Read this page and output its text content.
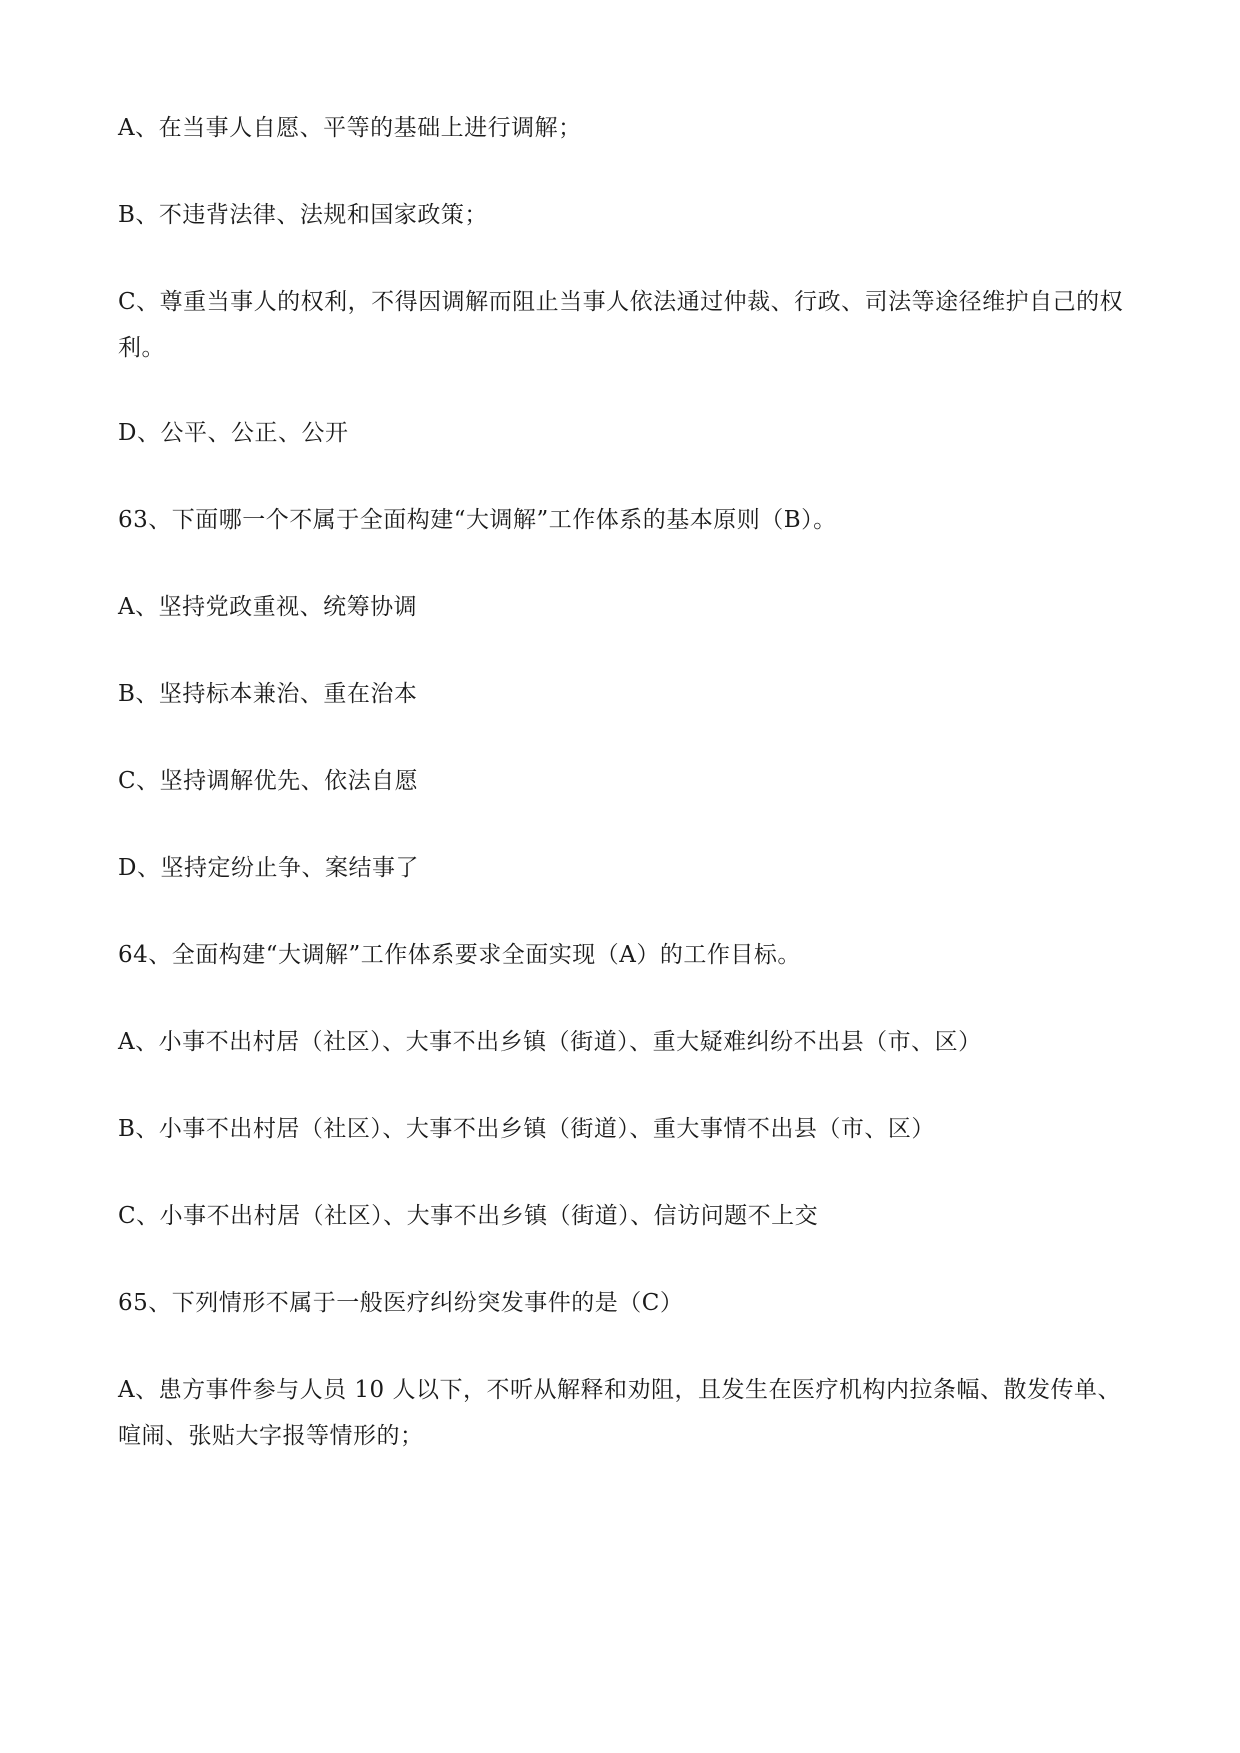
A、在当事人自愿、平等的基础上进行调解；
B、不违背法律、法规和国家政策；
C、尊重当事人的权利，不得因调解而阻止当事人依法通过仲裁、行政、司法等途径维护自己的权利。
D、公平、公正、公开
63、下面哪一个不属于全面构建“大调解”工作体系的基本原则（B）。
A、坚持党政重视、统筹协调
B、坚持标本兼治、重在治本
C、坚持调解优先、依法自愿
D、坚持定纷止争、案结事了
64、全面构建“大调解”工作体系要求全面实现（A）的工作目标。
A、小事不出村居（社区）、大事不出乡镇（街道）、重大疑难纠纷不出县（市、区）
B、小事不出村居（社区）、大事不出乡镇（街道）、重大事情不出县（市、区）
C、小事不出村居（社区）、大事不出乡镇（街道）、信访问题不上交
65、下列情形不属于一般医疗纠纷突发事件的是（C）
A、患方事件参与人员 10 人以下，不听从解释和劝阻，且发生在医疗机构内拉条幅、散发传单、喧闹、张贴大字报等情形的；
